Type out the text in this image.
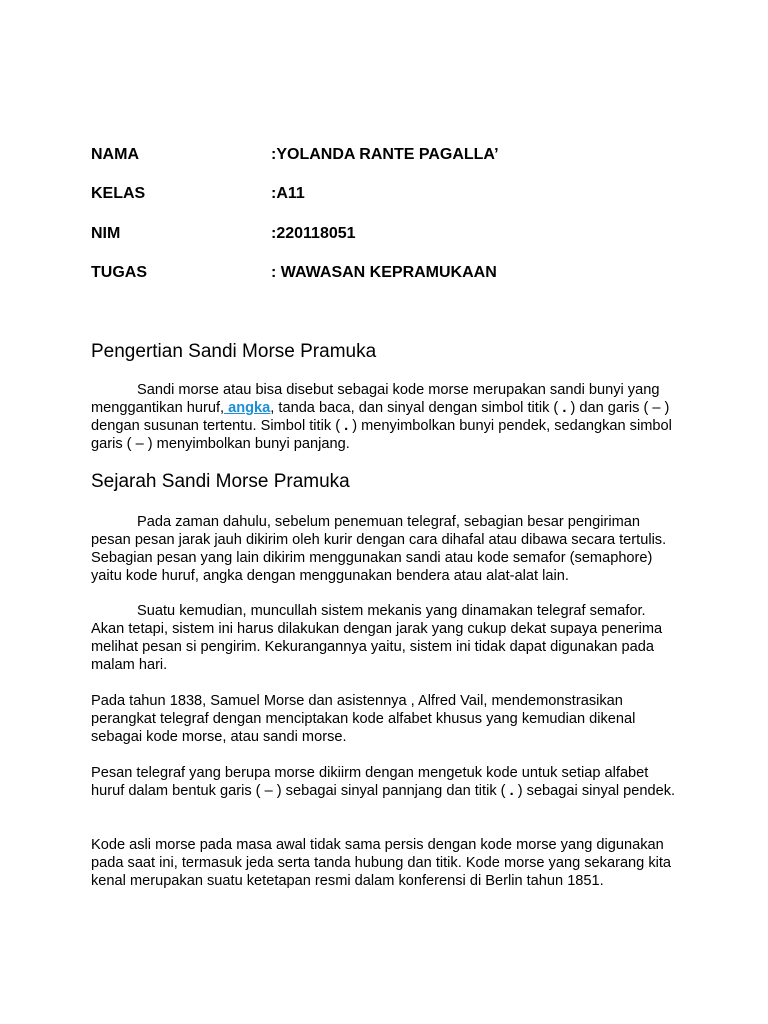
NAMA	:YOLANDA RANTE PAGALLA’
KELAS	:A11
NIM	:220118051
TUGAS	: WAWASAN KEPRAMUKAAN
Pengertian Sandi Morse Pramuka

Sandi morse atau bisa disebut sebagai kode morse merupakan sandi bunyi yang menggantikan huruf, angka, tanda baca, dan sinyal dengan simbol titik ( . ) dan garis ( – ) dengan susunan tertentu. Simbol titik ( . ) menyimbolkan bunyi pendek, sedangkan simbol garis ( – ) menyimbolkan bunyi panjang.

Sejarah Sandi Morse Pramuka

Pada zaman dahulu, sebelum penemuan telegraf, sebagian besar pengiriman pesan pesan jarak jauh dikirim oleh kurir dengan cara dihafal atau dibawa secara tertulis. Sebagian pesan yang lain dikirim menggunakan sandi atau kode semafor (semaphore) yaitu kode huruf, angka dengan menggunakan bendera atau alat-alat lain.

Suatu kemudian, muncullah sistem mekanis yang dinamakan telegraf semafor. Akan tetapi, sistem ini harus dilakukan dengan jarak yang cukup dekat supaya penerima melihat pesan si pengirim. Kekurangannya yaitu, sistem ini tidak dapat digunakan pada malam hari.

Pada tahun 1838, Samuel Morse dan asistennya , Alfred Vail, mendemonstrasikan perangkat telegraf dengan menciptakan kode alfabet khusus yang kemudian dikenal sebagai kode morse, atau sandi morse.

Pesan telegraf yang berupa morse dikiirm dengan mengetuk kode untuk setiap alfabet huruf dalam bentuk garis ( – ) sebagai sinyal pannjang dan titik ( . ) sebagai sinyal pendek.

Kode asli morse pada masa awal tidak sama persis dengan kode morse yang digunakan pada saat ini, termasuk jeda serta tanda hubung dan titik. Kode morse yang sekarang kita kenal merupakan suatu ketetapan resmi dalam konferensi di Berlin tahun 1851.
